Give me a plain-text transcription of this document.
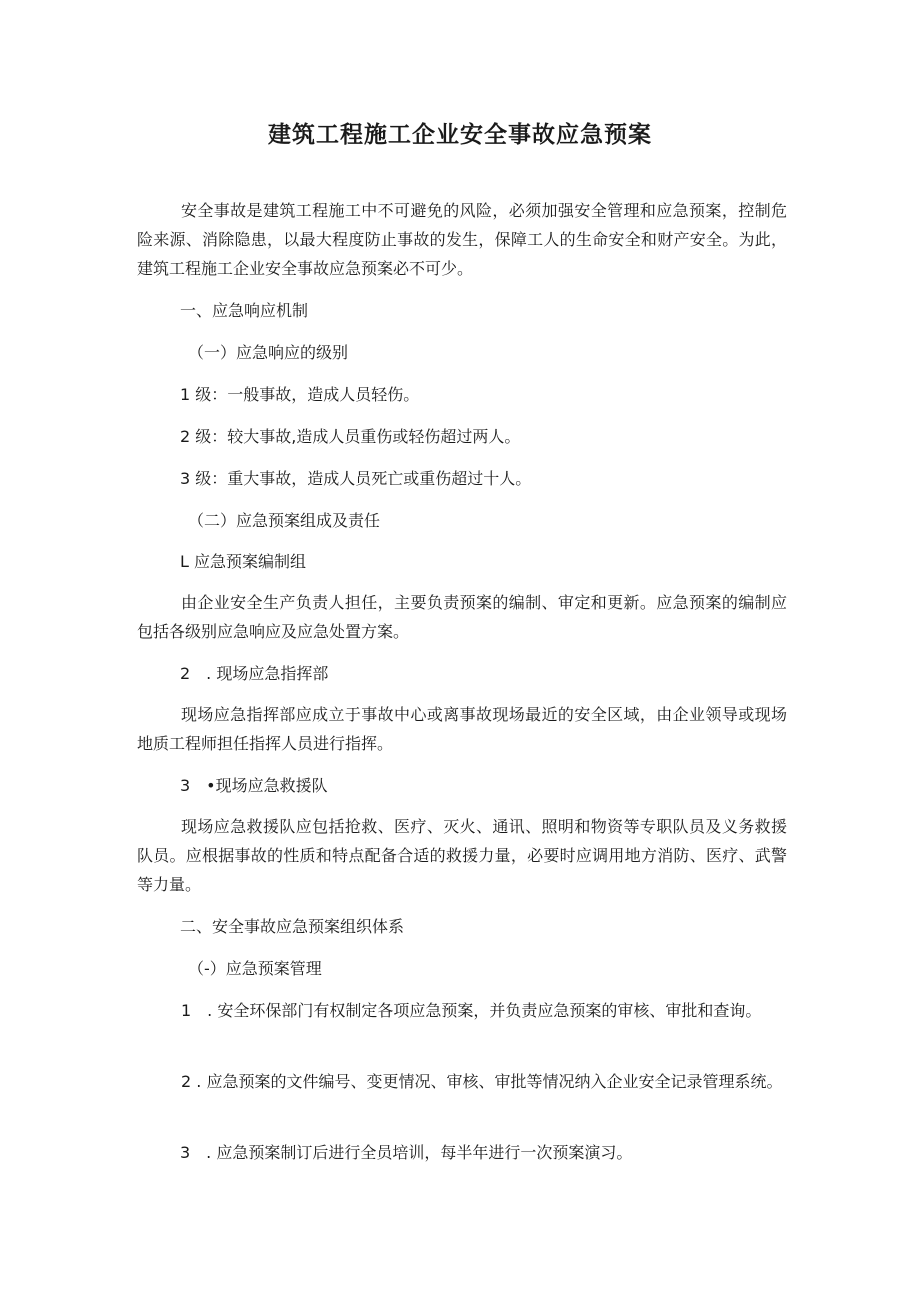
建筑工程施工企业安全事故应急预案

安全事故是建筑工程施工中不可避免的风险，必须加强安全管理和应急预案，控制危险来源、消除隐患，以最大程度防止事故的发生，保障工人的生命安全和财产安全。为此，建筑工程施工企业安全事故应急预案必不可少。

一、应急响应机制

（一）应急响应的级别

1 级：一般事故，造成人员轻伤。

2 级：较大事故,造成人员重伤或轻伤超过两人。

3 级：重大事故，造成人员死亡或重伤超过十人。

（二）应急预案组成及责任

L 应急预案编制组

由企业安全生产负责人担任，主要负责预案的编制、审定和更新。应急预案的编制应包括各级别应急响应及应急处置方案。

2　. 现场应急指挥部

现场应急指挥部应成立于事故中心或离事故现场最近的安全区域，由企业领导或现场地质工程师担任指挥人员进行指挥。

3　•现场应急救援队

现场应急救援队应包括抢救、医疗、灭火、通讯、照明和物资等专职队员及义务救援队员。应根据事故的性质和特点配备合适的救援力量，必要时应调用地方消防、医疗、武警等力量。

二、安全事故应急预案组织体系

（-）应急预案管理

1　. 安全环保部门有权制定各项应急预案，并负责应急预案的审核、审批和查询。

2 . 应急预案的文件编号、变更情况、审核、审批等情况纳入企业安全记录管理系统。

3　. 应急预案制订后进行全员培训，每半年进行一次预案演习。
